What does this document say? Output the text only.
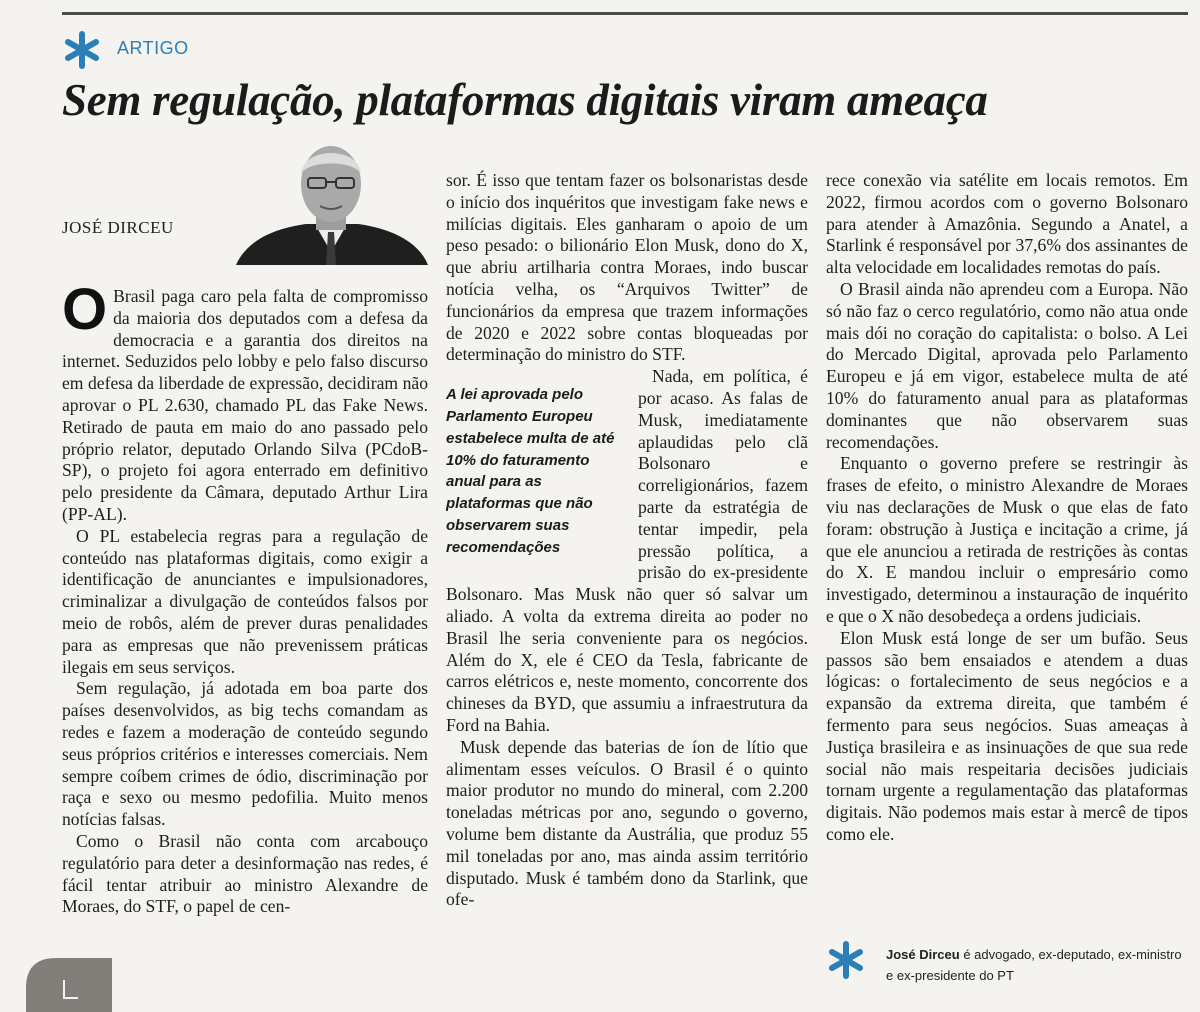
ARTIGO
Sem regulação, plataformas digitais viram ameaça
JOSÉ DIRCEU

O Brasil paga caro pela falta de compromisso da maioria dos deputados com a defesa da democracia e a garantia dos direitos na internet. Seduzidos pelo lobby e pelo falso discurso em defesa da liberdade de expressão, decidiram não aprovar o PL 2.630, chamado PL das Fake News. Retirado de pauta em maio do ano passado pelo próprio relator, deputado Orlando Silva (PCdoB-SP), o projeto foi agora enterrado em definitivo pelo presidente da Câmara, deputado Arthur Lira (PP-AL).

O PL estabelecia regras para a regulação de conteúdo nas plataformas digitais, como exigir a identificação de anunciantes e impulsionadores, criminalizar a divulgação de conteúdos falsos por meio de robôs, além de prever duras penalidades para as empresas que não prevenissem práticas ilegais em seus serviços.

Sem regulação, já adotada em boa parte dos países desenvolvidos, as big techs comandam as redes e fazem a moderação de conteúdo segundo seus próprios critérios e interesses comerciais. Nem sempre coíbem crimes de ódio, discriminação por raça e sexo ou mesmo pedofilia. Muito menos notícias falsas.

Como o Brasil não conta com arcabouço regulatório para deter a desinformação nas redes, é fácil tentar atribuir ao ministro Alexandre de Moraes, do STF, o papel de cen-

sor. É isso que tentam fazer os bolsonaristas desde o início dos inquéritos que investigam fake news e milícias digitais. Eles ganharam o apoio de um peso pesado: o bilionário Elon Musk, dono do X, que abriu artilharia contra Moraes, indo buscar notícia velha, os “Arquivos Twitter” de funcionários da empresa que trazem informações de 2020 e 2022 sobre contas bloqueadas por determinação do ministro do STF.

A lei aprovada pelo Parlamento Europeu estabelece multa de até 10% do faturamento anual para as plataformas que não observarem suas recomendações

Nada, em política, é por acaso. As falas de Musk, imediatamente aplaudidas pelo clã Bolsonaro e correligionários, fazem parte da estratégia de tentar impedir, pela pressão política, a prisão do ex-presidente Bolsonaro. Mas Musk não quer só salvar um aliado. A volta da extrema direita ao poder no Brasil lhe seria conveniente para os negócios. Além do X, ele é CEO da Tesla, fabricante de carros elétricos e, neste momento, concorrente dos chineses da BYD, que assumiu a infraestrutura da Ford na Bahia.

Musk depende das baterias de íon de lítio que alimentam esses veículos. O Brasil é o quinto maior produtor no mundo do mineral, com 2.200 toneladas métricas por ano, segundo o governo, volume bem distante da Austrália, que produz 55 mil toneladas por ano, mas ainda assim território disputado. Musk é também dono da Starlink, que ofe-

rece conexão via satélite em locais remotos. Em 2022, firmou acordos com o governo Bolsonaro para atender à Amazônia. Segundo a Anatel, a Starlink é responsável por 37,6% dos assinantes de alta velocidade em localidades remotas do país.

O Brasil ainda não aprendeu com a Europa. Não só não faz o cerco regulatório, como não atua onde mais dói no coração do capitalista: o bolso. A Lei do Mercado Digital, aprovada pelo Parlamento Europeu e já em vigor, estabelece multa de até 10% do faturamento anual para as plataformas dominantes que não observarem suas recomendações.

Enquanto o governo prefere se restringir às frases de efeito, o ministro Alexandre de Moraes viu nas declarações de Musk o que elas de fato foram: obstrução à Justiça e incitação a crime, já que ele anunciou a retirada de restrições às contas do X. E mandou incluir o empresário como investigado, determinou a instauração de inquérito e que o X não desobedeça a ordens judiciais.

Elon Musk está longe de ser um bufão. Seus passos são bem ensaiados e atendem a duas lógicas: o fortalecimento de seus negócios e a expansão da extrema direita, que também é fermento para seus negócios. Suas ameaças à Justiça brasileira e as insinuações de que sua rede social não mais respeitaria decisões judiciais tornam urgente a regulamentação das plataformas digitais. Não podemos mais estar à mercê de tipos como ele.

José Dirceu é advogado, ex-deputado, ex-ministro e ex-presidente do PT
